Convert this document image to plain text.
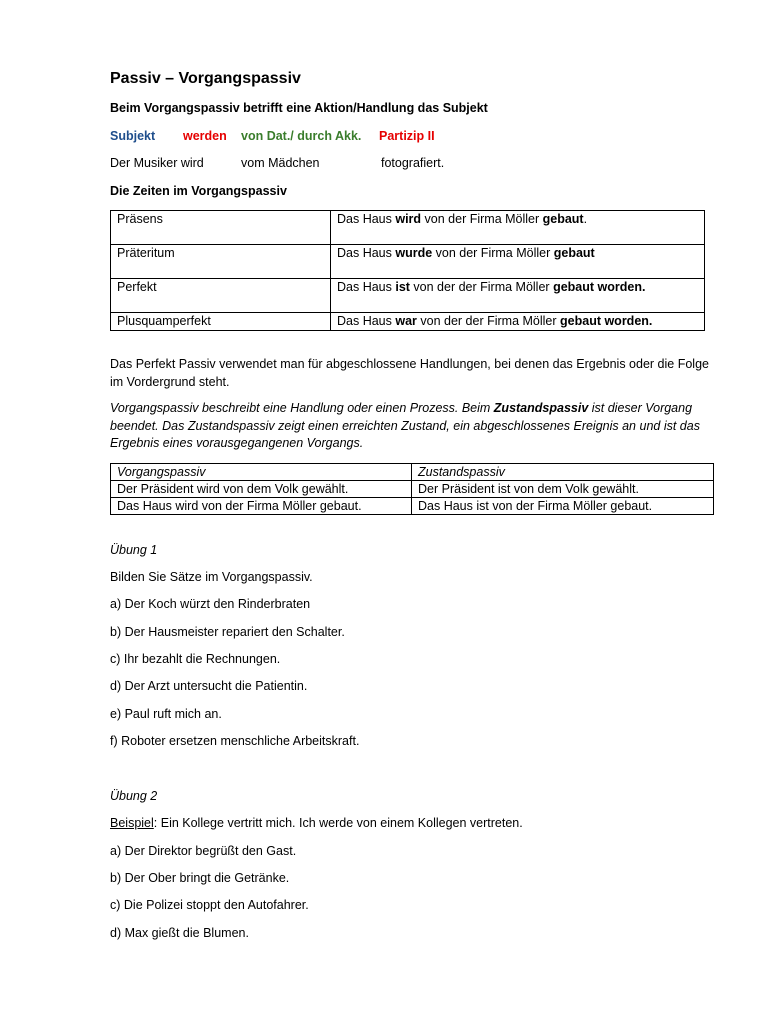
Passiv – Vorgangspassiv
Beim Vorgangspassiv betrifft eine Aktion/Handlung das Subjekt
Subjekt werden von Dat./ durch Akk. Partizip II
Der Musiker wird	vom Mädchen	fotografiert.
Die Zeiten im Vorgangspassiv
Präsens	Das Haus wird von der Firma Möller gebaut.
Präteritum	Das Haus wurde von der Firma Möller gebaut
Perfekt	Das Haus ist von der der Firma Möller gebaut worden.
Plusquamperfekt	Das Haus war von der der Firma Möller gebaut worden.
Das Perfekt Passiv verwendet man für abgeschlossene Handlungen, bei denen das Ergebnis oder die Folge im Vordergrund steht.
Vorgangspassiv beschreibt eine Handlung oder einen Prozess. Beim Zustandspassiv ist dieser Vorgang beendet. Das Zustandspassiv zeigt einen erreichten Zustand, ein abgeschlossenes Ereignis an und ist das Ergebnis eines vorausgegangenen Vorgangs.
Vorgangspassiv	Zustandspassiv
Der Präsident wird von dem Volk gewählt.	Der Präsident ist von dem Volk gewählt.
Das Haus wird von der Firma Möller gebaut.	Das Haus ist von der Firma Möller gebaut.
Übung 1
Bilden Sie Sätze im Vorgangspassiv.
a) Der Koch würzt den Rinderbraten
b) Der Hausmeister repariert den Schalter.
c) Ihr bezahlt die Rechnungen.
d) Der Arzt untersucht die Patientin.
e) Paul ruft mich an.
f) Roboter ersetzen menschliche Arbeitskraft.
Übung 2
Beispiel: Ein Kollege vertritt mich. Ich werde von einem Kollegen vertreten.
a) Der Direktor begrüßt den Gast.
b) Der Ober bringt die Getränke.
c) Die Polizei stoppt den Autofahrer.
d) Max gießt die Blumen.
